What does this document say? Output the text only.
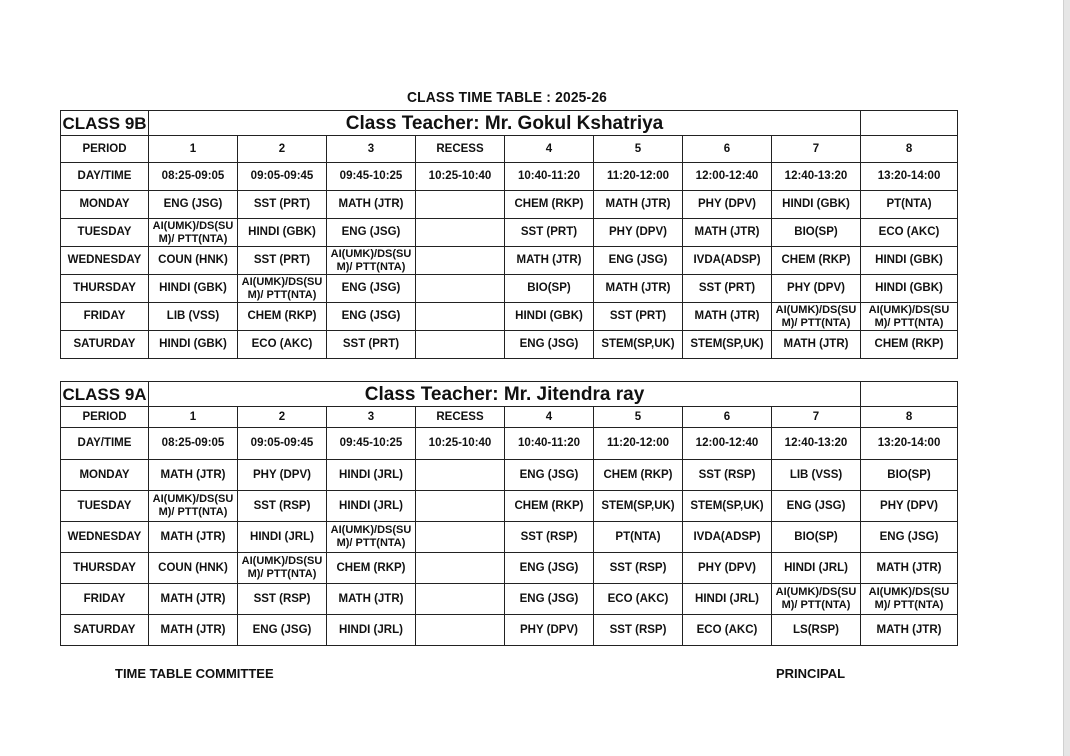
CLASS TIME TABLE : 2025-26
CLASS 9B	Class Teacher: Mr. Gokul Kshatriya								
PERIOD	1	2	3	RECESS	4	5	6	7	8
DAY/TIME	08:25-09:05	09:05-09:45	09:45-10:25	10:25-10:40	10:40-11:20	11:20-12:00	12:00-12:40	12:40-13:20	13:20-14:00
MONDAY	ENG (JSG)	SST (PRT)	MATH (JTR)		CHEM (RKP)	MATH (JTR)	PHY (DPV)	HINDI (GBK)	PT(NTA)
TUESDAY	AI(UMK)/DS(SUM)/ PTT(NTA)	HINDI (GBK)	ENG (JSG)		SST (PRT)	PHY (DPV)	MATH (JTR)	BIO(SP)	ECO (AKC)
WEDNESDAY	COUN (HNK)	SST (PRT)	AI(UMK)/DS(SUM)/ PTT(NTA)		MATH (JTR)	ENG (JSG)	IVDA(ADSP)	CHEM (RKP)	HINDI (GBK)
THURSDAY	HINDI (GBK)	AI(UMK)/DS(SUM)/ PTT(NTA)	ENG (JSG)		BIO(SP)	MATH (JTR)	SST (PRT)	PHY (DPV)	HINDI (GBK)
FRIDAY	LIB (VSS)	CHEM (RKP)	ENG (JSG)		HINDI (GBK)	SST (PRT)	MATH (JTR)	AI(UMK)/DS(SUM)/ PTT(NTA)	AI(UMK)/DS(SUM)/ PTT(NTA)
SATURDAY	HINDI (GBK)	ECO (AKC)	SST (PRT)		ENG (JSG)	STEM(SP,UK)	STEM(SP,UK)	MATH (JTR)	CHEM (RKP)
CLASS 9A	Class Teacher: Mr. Jitendra ray								
PERIOD	1	2	3	RECESS	4	5	6	7	8
DAY/TIME	08:25-09:05	09:05-09:45	09:45-10:25	10:25-10:40	10:40-11:20	11:20-12:00	12:00-12:40	12:40-13:20	13:20-14:00
MONDAY	MATH (JTR)	PHY (DPV)	HINDI (JRL)		ENG (JSG)	CHEM (RKP)	SST (RSP)	LIB (VSS)	BIO(SP)
TUESDAY	AI(UMK)/DS(SUM)/ PTT(NTA)	SST (RSP)	HINDI (JRL)		CHEM (RKP)	STEM(SP,UK)	STEM(SP,UK)	ENG (JSG)	PHY (DPV)
WEDNESDAY	MATH (JTR)	HINDI (JRL)	AI(UMK)/DS(SUM)/ PTT(NTA)		SST (RSP)	PT(NTA)	IVDA(ADSP)	BIO(SP)	ENG (JSG)
THURSDAY	COUN (HNK)	AI(UMK)/DS(SUM)/ PTT(NTA)	CHEM (RKP)		ENG (JSG)	SST (RSP)	PHY (DPV)	HINDI (JRL)	MATH (JTR)
FRIDAY	MATH (JTR)	SST (RSP)	MATH (JTR)		ENG (JSG)	ECO (AKC)	HINDI (JRL)	AI(UMK)/DS(SUM)/ PTT(NTA)	AI(UMK)/DS(SUM)/ PTT(NTA)
SATURDAY	MATH (JTR)	ENG (JSG)	HINDI (JRL)		PHY (DPV)	SST (RSP)	ECO (AKC)	LS(RSP)	MATH (JTR)
TIME TABLE COMMITTEE	PRINCIPAL
